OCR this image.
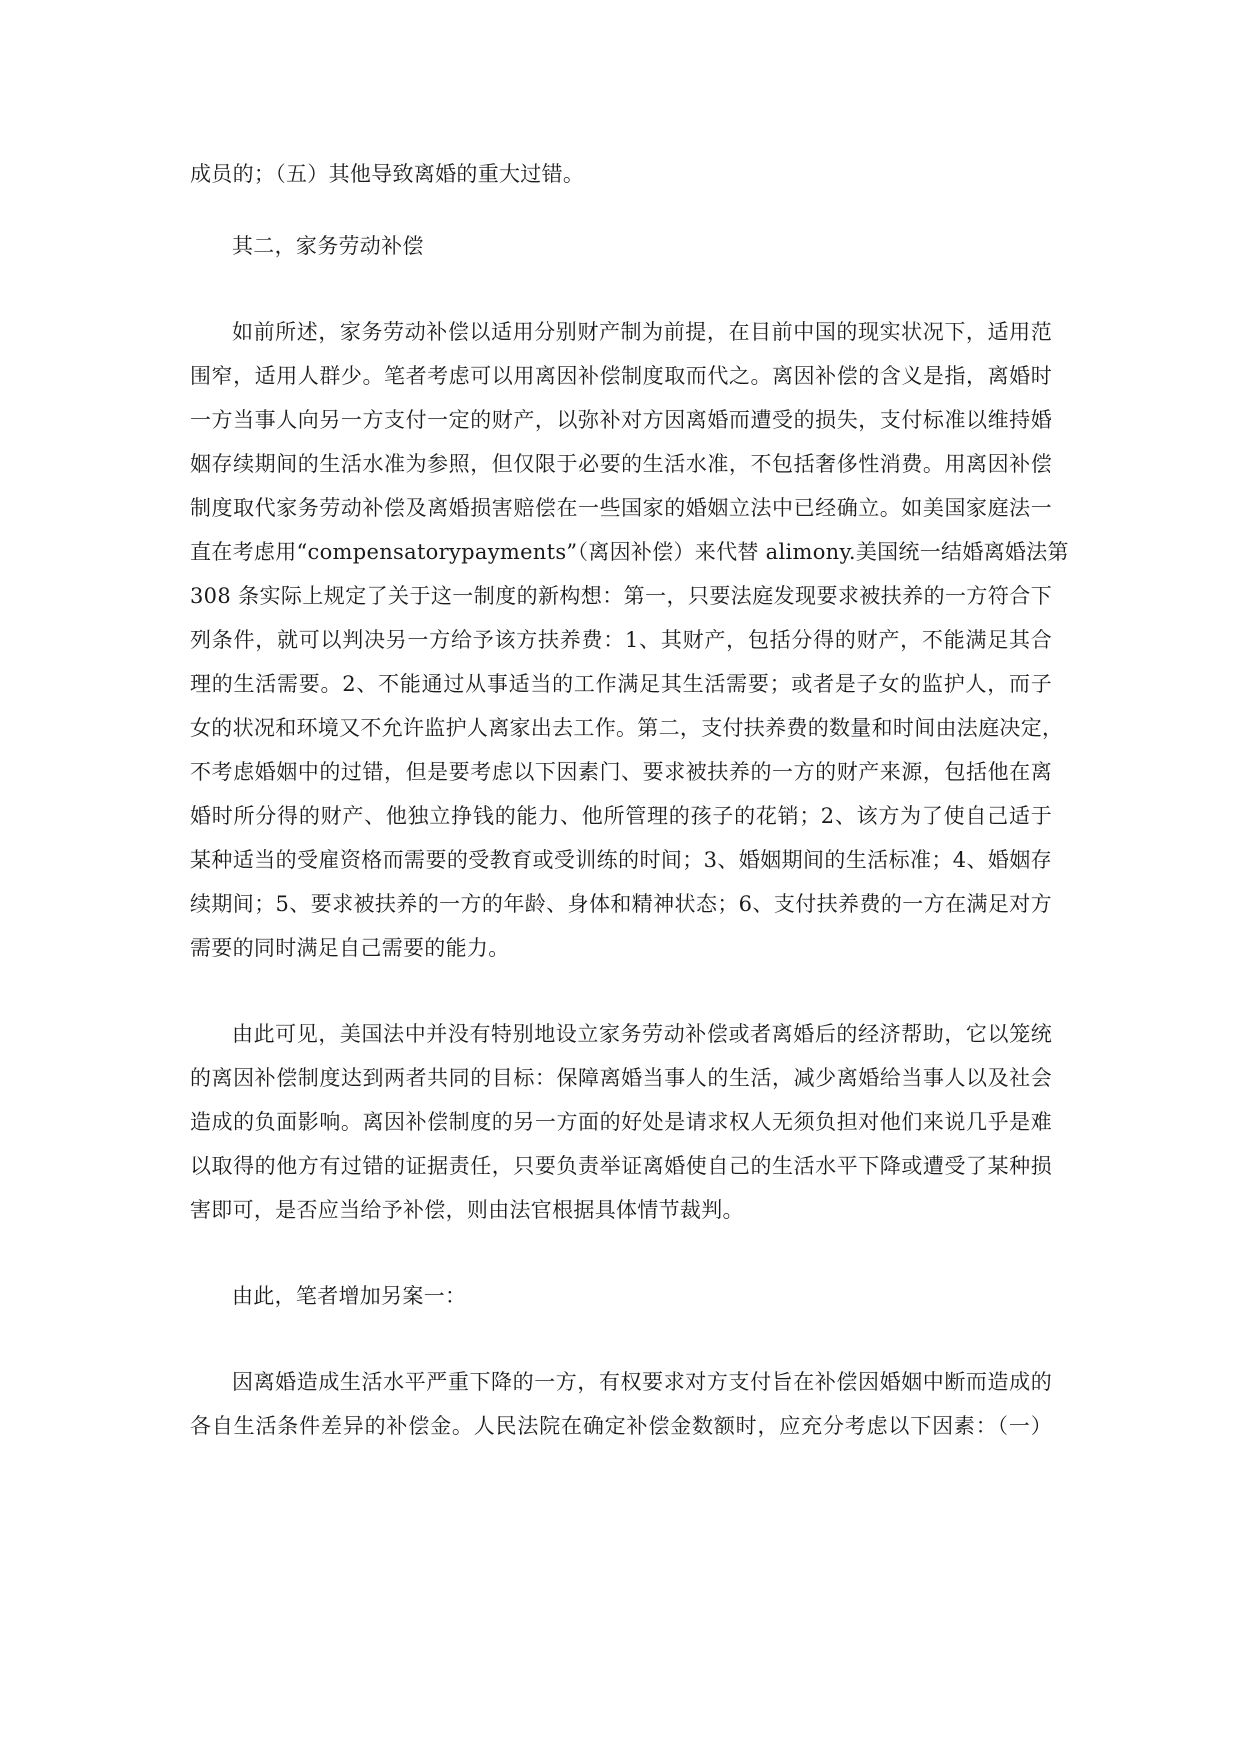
成员的；（五）其他导致离婚的重大过错。
其二，家务劳动补偿
如前所述，家务劳动补偿以适用分别财产制为前提，在目前中国的现实状况下，适用范
围窄，适用人群少。笔者考虑可以用离因补偿制度取而代之。离因补偿的含义是指，离婚时
一方当事人向另一方支付一定的财产，以弥补对方因离婚而遭受的损失，支付标准以维持婚
姻存续期间的生活水准为参照，但仅限于必要的生活水准，不包括奢侈性消费。用离因补偿
制度取代家务劳动补偿及离婚损害赔偿在一些国家的婚姻立法中已经确立。如美国家庭法一
直在考虑用“compensatorypayments”（离因补偿）来代替 alimony.美国统一结婚离婚法第
308 条实际上规定了关于这一制度的新构想：第一，只要法庭发现要求被扶养的一方符合下
列条件，就可以判决另一方给予该方扶养费：1、其财产，包括分得的财产，不能满足其合
理的生活需要。2、不能通过从事适当的工作满足其生活需要；或者是子女的监护人，而子
女的状况和环境又不允许监护人离家出去工作。第二，支付扶养费的数量和时间由法庭决定，
不考虑婚姻中的过错，但是要考虑以下因素门、要求被扶养的一方的财产来源，包括他在离
婚时所分得的财产、他独立挣钱的能力、他所管理的孩子的花销；2、该方为了使自己适于
某种适当的受雇资格而需要的受教育或受训练的时间；3、婚姻期间的生活标准；4、婚姻存
续期间；5、要求被扶养的一方的年龄、身体和精神状态；6、支付扶养费的一方在满足对方
需要的同时满足自己需要的能力。
由此可见，美国法中并没有特别地设立家务劳动补偿或者离婚后的经济帮助，它以笼统
的离因补偿制度达到两者共同的目标：保障离婚当事人的生活，减少离婚给当事人以及社会
造成的负面影响。离因补偿制度的另一方面的好处是请求权人无须负担对他们来说几乎是难
以取得的他方有过错的证据责任，只要负责举证离婚使自己的生活水平下降或遭受了某种损
害即可，是否应当给予补偿，则由法官根据具体情节裁判。
由此，笔者增加另案一：
因离婚造成生活水平严重下降的一方，有权要求对方支付旨在补偿因婚姻中断而造成的
各自生活条件差异的补偿金。人民法院在确定补偿金数额时，应充分考虑以下因素：（一）
